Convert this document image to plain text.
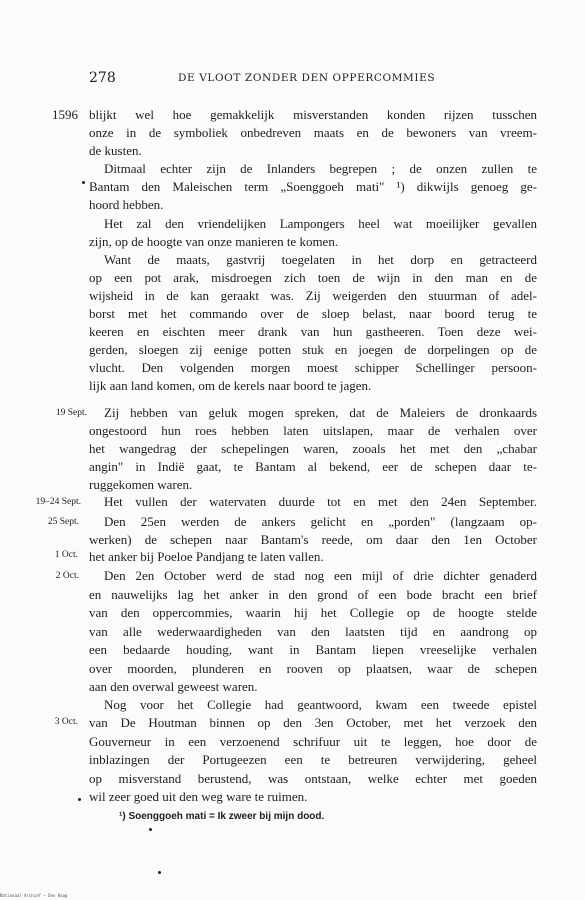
278	DE VLOOT ZONDER DEN OPPERCOMMIES
1596
19 Sept.
19–24 Sept.
25 Sept.
1 Oct.
2 Oct.
3 Oct.
blijkt wel hoe gemakkelijk misverstanden konden rijzen tusschen
onze in de symboliek onbedreven maats en de bewoners van vreem-
de kusten.
Ditmaal echter zijn de Inlanders begrepen ; de onzen zullen te
Bantam den Maleischen term „Soenggoeh mati" ¹) dikwijls genoeg ge-
hoord hebben.
Het zal den vriendelijken Lampongers heel wat moeilijker gevallen
zijn, op de hoogte van onze manieren te komen.
Want de maats, gastvrij toegelaten in het dorp en getracteerd
op een pot arak, misdroegen zich toen de wijn in den man en de
wijsheid in de kan geraakt was. Zij weigerden den stuurman of adel-
borst met het commando over de sloep belast, naar boord terug te
keeren en eischten meer drank van hun gastheeren. Toen deze wei-
gerden, sloegen zij eenige potten stuk en joegen de dorpelingen op de
vlucht. Den volgenden morgen moest schipper Schellinger persoon-
lijk aan land komen, om de kerels naar boord te jagen.
Zij hebben van geluk mogen spreken, dat de Maleiers de dronkaards
ongestoord hun roes hebben laten uitslapen, maar de verhalen over
het wangedrag der schepelingen waren, zooals het met den „chabar
angin" in Indië gaat, te Bantam al bekend, eer de schepen daar te-
ruggekomen waren.
Het vullen der watervaten duurde tot en met den 24en September.
Den 25en werden de ankers gelicht en „porden" (langzaam op-
werken) de schepen naar Bantam's reede, om daar den 1en October
het anker bij Poeloe Pandjang te laten vallen.
Den 2en October werd de stad nog een mijl of drie dichter genaderd
en nauwelijks lag het anker in den grond of een bode bracht een brief
van den oppercommies, waarin hij het Collegie op de hoogte stelde
van alle wederwaardigheden van den laatsten tijd en aandrong op
een bedaarde houding, want in Bantam liepen vreeselijke verhalen
over moorden, plunderen en rooven op plaatsen, waar de schepen
aan den overwal geweest waren.
Nog voor het Collegie had geantwoord, kwam een tweede epistel
van De Houtman binnen op den 3en October, met het verzoek den
Gouverneur in een verzoenend schrifuur uit te leggen, hoe door de
inblazingen der Portugeezen een te betreuren verwijdering, geheel
op misverstand berustend, was ontstaan, welke echter met goeden
wil zeer goed uit den weg ware te ruimen.
¹) Soenggoeh mati = Ik zweer bij mijn dood.
Nationaal Archief — Den Haag
